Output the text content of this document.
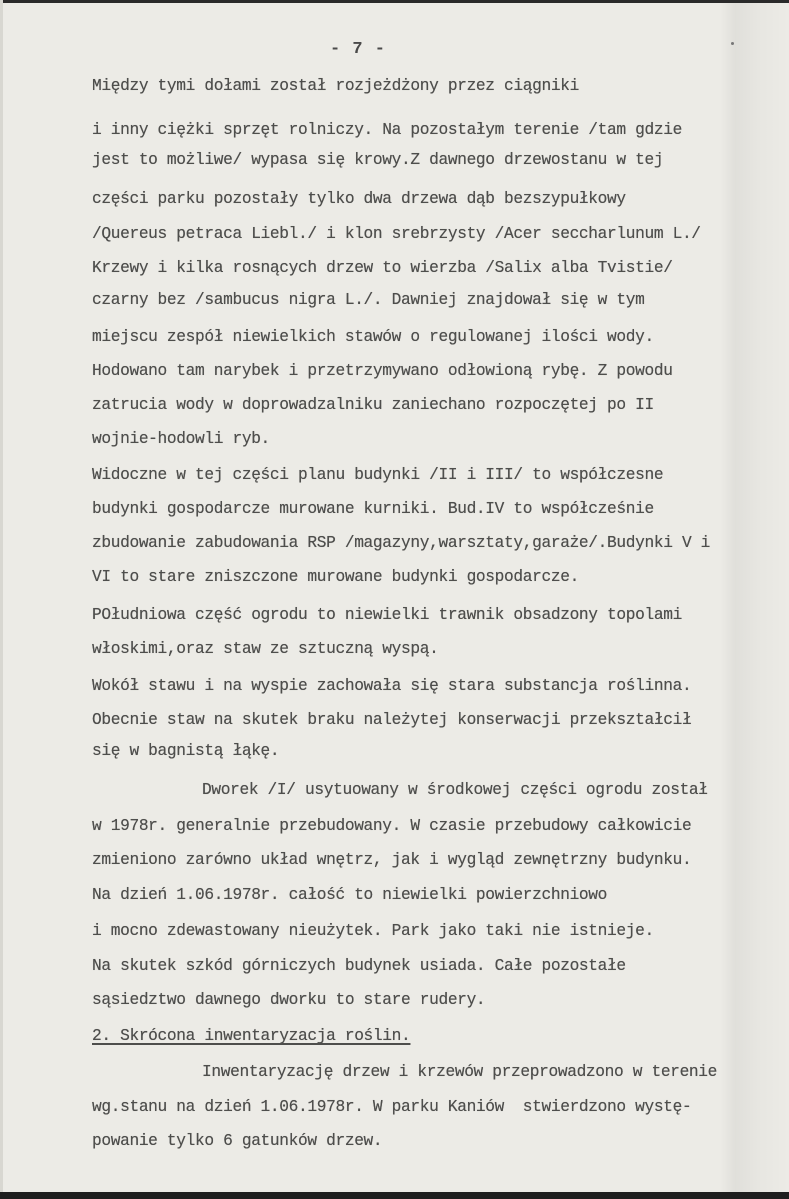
- 7 -
Między tymi dołami został rozjeżdżony przez ciągniki
i inny ciężki sprzęt rolniczy. Na pozostałym terenie /tam gdzie
jest to możliwe/ wypasa się krowy.Z dawnego drzewostanu w tej
części parku pozostały tylko dwa drzewa dąb bezszypułkowy
/Quereus petraca Liebl./ i klon srebrzysty /Acer seccharlunum L./
Krzewy i kilka rosnących drzew to wierzba /Salix alba Tvistie/
czarny bez /sambucus nigra L./. Dawniej znajdował się w tym
miejscu zespół niewielkich stawów o regulowanej ilości wody.
Hodowano tam narybek i przetrzymywano odłowioną rybę. Z powodu
zatrucia wody w doprowadzalniku zaniechano rozpoczętej po II
wojnie-hodowli ryb.
Widoczne w tej części planu budynki /II i III/ to współczesne
budynki gospodarcze murowane kurniki. Bud.IV to współcześnie
zbudowanie zabudowania RSP /magazyny,warsztaty,garaże/.Budynki V i
VI to stare zniszczone murowane budynki gospodarcze.
POłudniowa część ogrodu to niewielki trawnik obsadzony topolami
włoskimi,oraz staw ze sztuczną wyspą.
Wokół stawu i na wyspie zachowała się stara substancja roślinna.
Obecnie staw na skutek braku należytej konserwacji przekształcił
się w bagnistą łąkę.
Dworek /I/ usytuowany w środkowej części ogrodu został
w 1978r. generalnie przebudowany. W czasie przebudowy całkowicie
zmieniono zarówno układ wnętrz, jak i wygląd zewnętrzny budynku.
Na dzień 1.06.1978r. całość to niewielki powierzchniowo
i mocno zdewastowany nieużytek. Park jako taki nie istnieje.
Na skutek szkód górniczych budynek usiada. Całe pozostałe
sąsiedztwo dawnego dworku to stare rudery.
2. Skrócona inwentaryzacja roślin.
Inwentaryzację drzew i krzewów przeprowadzono w terenie
wg.stanu na dzień 1.06.1978r. W parku Kaniów  stwierdzono wystę-
powanie tylko 6 gatunków drzew.
